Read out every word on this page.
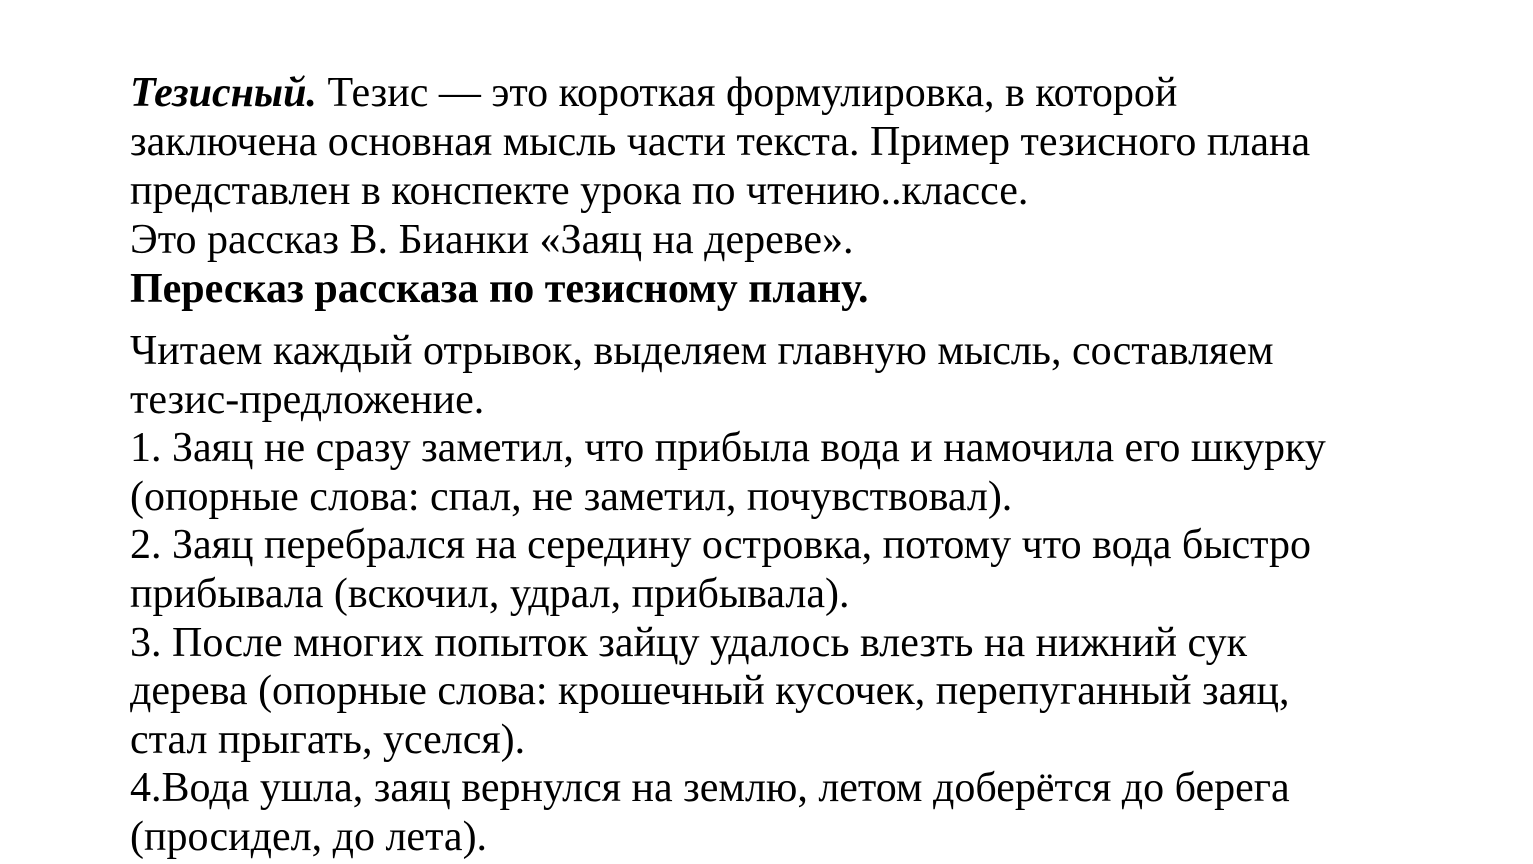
Тезисный. Тезис — это короткая формулировка, в которой
заключена основная мысль части текста. Пример тезисного плана
представлен в конспекте урока по чтению..классе.
Это рассказ В. Бианки «Заяц на дереве».
Пересказ рассказа по тезисному плану.
Читаем каждый отрывок, выделяем главную мысль, составляем
тезис-предложение.
1. Заяц не сразу заметил, что прибыла вода и намочила его шкурку
(опорные слова: спал, не заметил, почувствовал).
2. Заяц перебрался на середину островка, потому что вода быстро
прибывала (вскочил, удрал, прибывала).
3. После многих попыток зайцу удалось влезть на нижний сук
дерева (опорные слова: крошечный кусочек, перепуганный заяц,
стал прыгать, уселся).
4.Вода ушла, заяц вернулся на землю, летом доберётся до берега
(просидел, до лета).
